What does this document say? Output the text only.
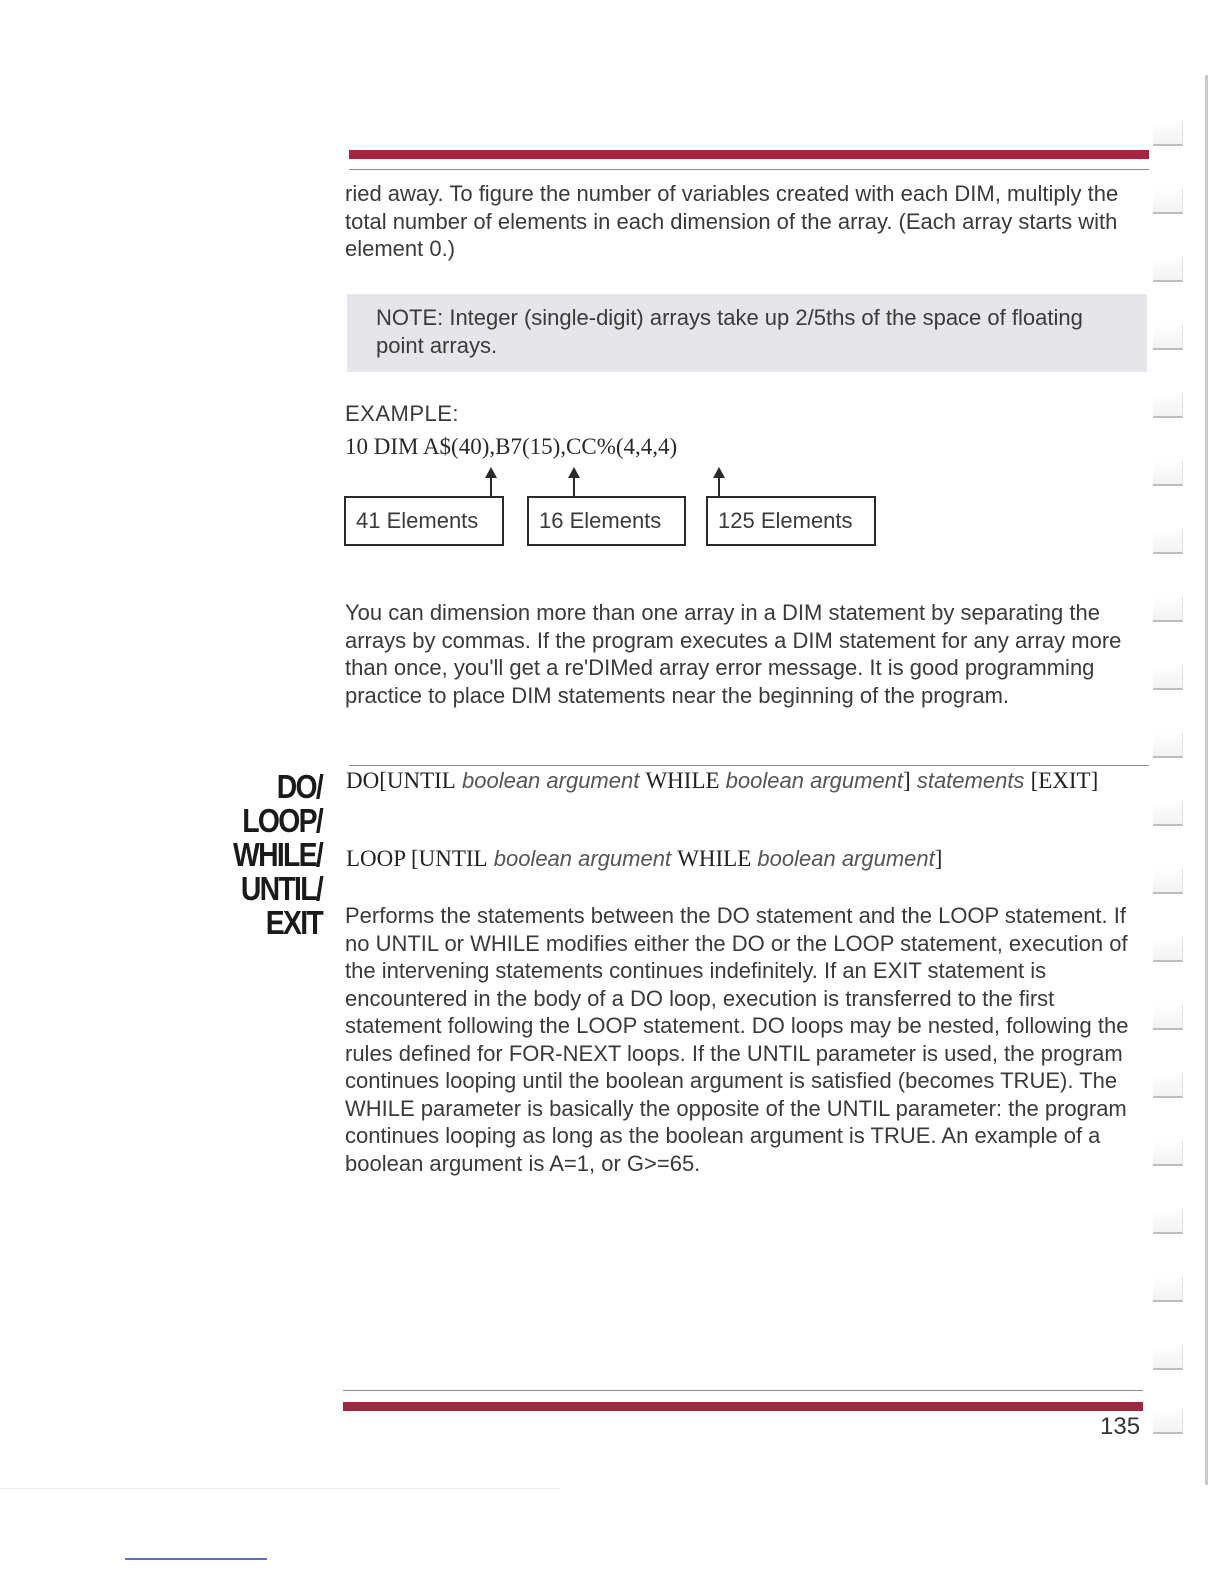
ried away. To figure the number of variables created with each DIM, multiply the total number of elements in each dimension of the array. (Each array starts with element 0.)

NOTE: Integer (single-digit) arrays take up 2/5ths of the space of floating point arrays.
EXAMPLE:
10 DIM A$(40),B7(15),CC%(4,4,4)
41 Elements	16 Elements	125 Elements

You can dimension more than one array in a DIM statement by separating the arrays by commas. If the program executes a DIM statement for any array more than once, you'll get a re'DIMed array error message. It is good programming practice to place DIM statements near the beginning of the program.

DO/
LOOP/
WHILE/
UNTIL/
EXIT
DO[UNTIL boolean argument WHILE boolean argument] statements [EXIT]
LOOP [UNTIL boolean argument WHILE boolean argument]

Performs the statements between the DO statement and the LOOP statement. If no UNTIL or WHILE modifies either the DO or the LOOP statement, execution of the intervening statements continues indefinitely. If an EXIT statement is encountered in the body of a DO loop, execution is transferred to the first statement following the LOOP statement. DO loops may be nested, following the rules defined for FOR-NEXT loops. If the UNTIL parameter is used, the program continues looping until the boolean argument is satisfied (becomes TRUE). The WHILE parameter is basically the opposite of the UNTIL parameter: the program continues looping as long as the boolean argument is TRUE. An example of a boolean argument is A=1, or G>=65.

135
